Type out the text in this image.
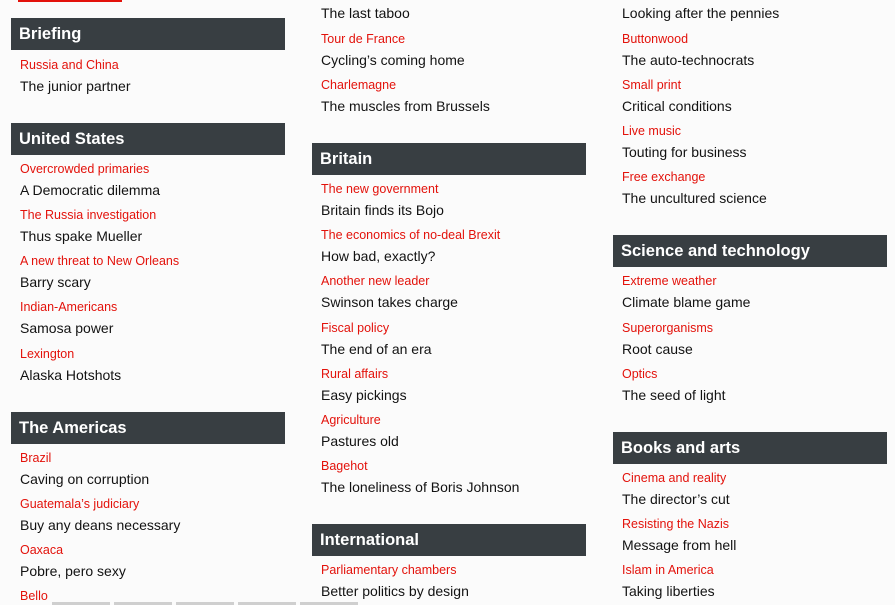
Briefing
Russia and China
The junior partner
United States
Overcrowded primaries
A Democratic dilemma
The Russia investigation
Thus spake Mueller
A new threat to New Orleans
Barry scary
Indian-Americans
Samosa power
Lexington
Alaska Hotshots
The Americas
Brazil
Caving on corruption
Guatemala’s judiciary
Buy any deans necessary
Oaxaca
Pobre, pero sexy
Bello
The last taboo
Tour de France
Cycling’s coming home
Charlemagne
The muscles from Brussels
Britain
The new government
Britain finds its Bojo
The economics of no-deal Brexit
How bad, exactly?
Another new leader
Swinson takes charge
Fiscal policy
The end of an era
Rural affairs
Easy pickings
Agriculture
Pastures old
Bagehot
The loneliness of Boris Johnson
International
Parliamentary chambers
Better politics by design
Looking after the pennies
Buttonwood
The auto-technocrats
Small print
Critical conditions
Live music
Touting for business
Free exchange
The uncultured science
Science and technology
Extreme weather
Climate blame game
Superorganisms
Root cause
Optics
The seed of light
Books and arts
Cinema and reality
The director’s cut
Resisting the Nazis
Message from hell
Islam in America
Taking liberties
